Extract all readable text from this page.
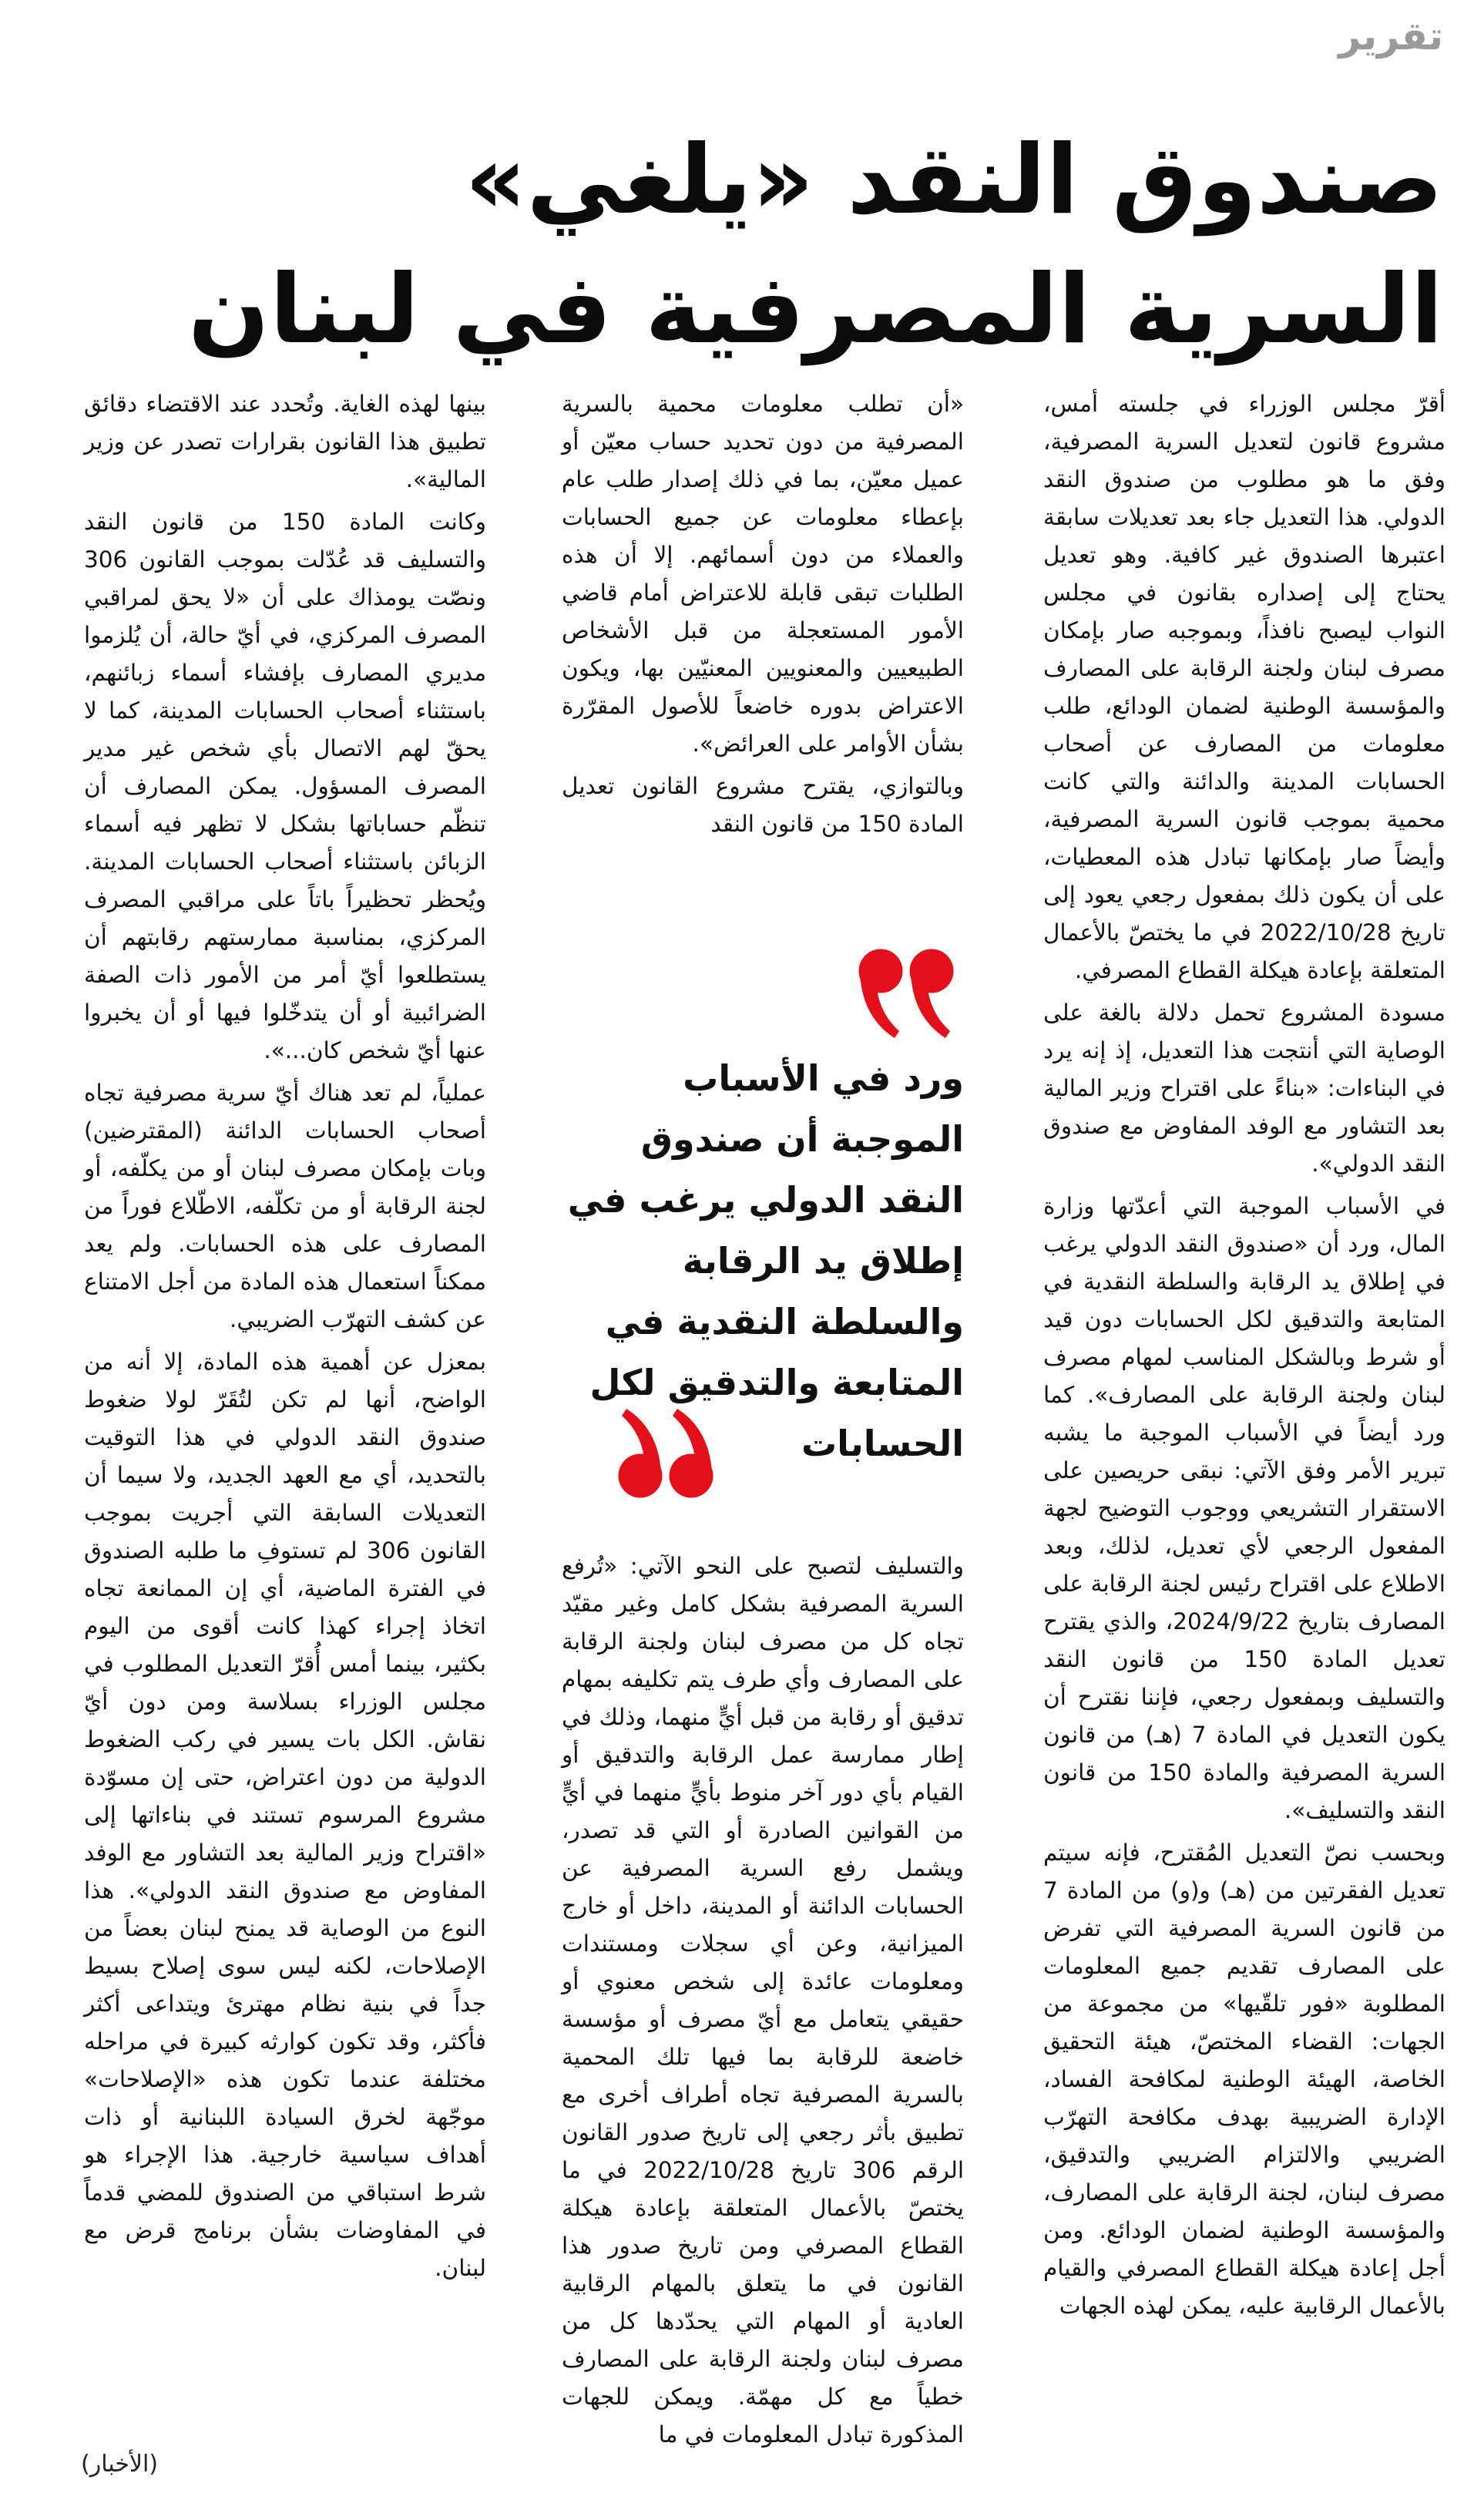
تقرير
صندوق النقد «يلغي»
السرية المصرفية في لبنان

أقرّ مجلس الوزراء في جلسته أمس، مشروع قانون لتعديل السرية المصرفية، وفق ما هو مطلوب من صندوق النقد الدولي. هذا التعديل جاء بعد تعديلات سابقة اعتبرها الصندوق غير كافية. وهو تعديل يحتاج إلى إصداره بقانون في مجلس النواب ليصبح نافذاً، وبموجبه صار بإمكان مصرف لبنان ولجنة الرقابة على المصارف والمؤسسة الوطنية لضمان الودائع، طلب معلومات من المصارف عن أصحاب الحسابات المدينة والدائنة والتي كانت محمية بموجب قانون السرية المصرفية، وأيضاً صار بإمكانها تبادل هذه المعطيات، على أن يكون ذلك بمفعول رجعي يعود إلى تاريخ 2022/10/28 في ما يختصّ بالأعمال المتعلقة بإعادة هيكلة القطاع المصرفي.

مسودة المشروع تحمل دلالة بالغة على الوصاية التي أنتجت هذا التعديل، إذ إنه يرد في البناءات: «بناءً على اقتراح وزير المالية بعد التشاور مع الوفد المفاوض مع صندوق النقد الدولي».

في الأسباب الموجبة التي أعدّتها وزارة المال، ورد أن «صندوق النقد الدولي يرغب في إطلاق يد الرقابة والسلطة النقدية في المتابعة والتدقيق لكل الحسابات دون قيد أو شرط وبالشكل المناسب لمهام مصرف لبنان ولجنة الرقابة على المصارف». كما ورد أيضاً في الأسباب الموجبة ما يشبه تبرير الأمر وفق الآتي: نبقى حريصين على الاستقرار التشريعي ووجوب التوضيح لجهة المفعول الرجعي لأي تعديل، لذلك، وبعد الاطلاع على اقتراح رئيس لجنة الرقابة على المصارف بتاريخ 2024/9/22، والذي يقترح تعديل المادة 150 من قانون النقد والتسليف وبمفعول رجعي، فإننا نقترح أن يكون التعديل في المادة 7 (هـ) من قانون السرية المصرفية والمادة 150 من قانون النقد والتسليف».

وبحسب نصّ التعديل المُقترح، فإنه سيتم تعديل الفقرتين من (هـ) و(و) من المادة 7 من قانون السرية المصرفية التي تفرض على المصارف تقديم جميع المعلومات المطلوبة «فور تلقّيها» من مجموعة من الجهات: القضاء المختصّ، هيئة التحقيق الخاصة، الهيئة الوطنية لمكافحة الفساد، الإدارة الضريبية بهدف مكافحة التهرّب الضريبي والالتزام الضريبي والتدقيق، مصرف لبنان، لجنة الرقابة على المصارف، والمؤسسة الوطنية لضمان الودائع. ومن أجل إعادة هيكلة القطاع المصرفي والقيام بالأعمال الرقابية عليه، يمكن لهذه الجهات

«أن تطلب معلومات محمية بالسرية المصرفية من دون تحديد حساب معيّن أو عميل معيّن، بما في ذلك إصدار طلب عام بإعطاء معلومات عن جميع الحسابات والعملاء من دون أسمائهم. إلا أن هذه الطلبات تبقى قابلة للاعتراض أمام قاضي الأمور المستعجلة من قبل الأشخاص الطبيعيين والمعنويين المعنيّين بها، ويكون الاعتراض بدوره خاضعاً للأصول المقرّرة بشأن الأوامر على العرائض».

وبالتوازي، يقترح مشروع القانون تعديل المادة 150 من قانون النقد

ورد في الأسباب الموجبة أن صندوق النقد الدولي يرغب في إطلاق يد الرقابة والسلطة النقدية في المتابعة والتدقيق لكل الحسابات

والتسليف لتصبح على النحو الآتي: «تُرفع السرية المصرفية بشكل كامل وغير مقيّد تجاه كل من مصرف لبنان ولجنة الرقابة على المصارف وأي طرف يتم تكليفه بمهام تدقيق أو رقابة من قبل أيٍّ منهما، وذلك في إطار ممارسة عمل الرقابة والتدقيق أو القيام بأي دور آخر منوط بأيٍّ منهما في أيٍّ من القوانين الصادرة أو التي قد تصدر، ويشمل رفع السرية المصرفية عن الحسابات الدائنة أو المدينة، داخل أو خارج الميزانية، وعن أي سجلات ومستندات ومعلومات عائدة إلى شخص معنوي أو حقيقي يتعامل مع أيّ مصرف أو مؤسسة خاضعة للرقابة بما فيها تلك المحمية بالسرية المصرفية تجاه أطراف أخرى مع تطبيق بأثر رجعي إلى تاريخ صدور القانون الرقم 306 تاريخ 2022/10/28 في ما يختصّ بالأعمال المتعلقة بإعادة هيكلة القطاع المصرفي ومن تاريخ صدور هذا القانون في ما يتعلق بالمهام الرقابية العادية أو المهام التي يحدّدها كل من مصرف لبنان ولجنة الرقابة على المصارف خطياً مع كل مهمّة. ويمكن للجهات المذكورة تبادل المعلومات في ما

بينها لهذه الغاية. وتُحدد عند الاقتضاء دقائق تطبيق هذا القانون بقرارات تصدر عن وزير المالية».

وكانت المادة 150 من قانون النقد والتسليف قد عُدّلت بموجب القانون 306 ونصّت يومذاك على أن «لا يحق لمراقبي المصرف المركزي، في أيّ حالة، أن يُلزموا مديري المصارف بإفشاء أسماء زبائنهم، باستثناء أصحاب الحسابات المدينة، كما لا يحقّ لهم الاتصال بأي شخص غير مدير المصرف المسؤول. يمكن المصارف أن تنظّم حساباتها بشكل لا تظهر فيه أسماء الزبائن باستثناء أصحاب الحسابات المدينة. ويُحظر تحظيراً باتاً على مراقبي المصرف المركزي، بمناسبة ممارستهم رقابتهم أن يستطلعوا أيّ أمر من الأمور ذات الصفة الضرائبية أو أن يتدخّلوا فيها أو أن يخبروا عنها أيّ شخص كان...».

عملياً، لم تعد هناك أيّ سرية مصرفية تجاه أصحاب الحسابات الدائنة (المقترضين) وبات بإمكان مصرف لبنان أو من يكلّفه، أو لجنة الرقابة أو من تكلّفه، الاطّلاع فوراً من المصارف على هذه الحسابات. ولم يعد ممكناً استعمال هذه المادة من أجل الامتناع عن كشف التهرّب الضريبي.

بمعزل عن أهمية هذه المادة، إلا أنه من الواضح، أنها لم تكن لتُقَرّ لولا ضغوط صندوق النقد الدولي في هذا التوقيت بالتحديد، أي مع العهد الجديد، ولا سيما أن التعديلات السابقة التي أجريت بموجب القانون 306 لم تستوفِ ما طلبه الصندوق في الفترة الماضية، أي إن الممانعة تجاه اتخاذ إجراء كهذا كانت أقوى من اليوم بكثير، بينما أمس أُقرّ التعديل المطلوب في مجلس الوزراء بسلاسة ومن دون أيّ نقاش. الكل بات يسير في ركب الضغوط الدولية من دون اعتراض، حتى إن مسوّدة مشروع المرسوم تستند في بناءاتها إلى «اقتراح وزير المالية بعد التشاور مع الوفد المفاوض مع صندوق النقد الدولي». هذا النوع من الوصاية قد يمنح لبنان بعضاً من الإصلاحات، لكنه ليس سوى إصلاح بسيط جداً في بنية نظام مهترئ ويتداعى أكثر فأكثر، وقد تكون كوارثه كبيرة في مراحله مختلفة عندما تكون هذه «الإصلاحات» موجّهة لخرق السيادة اللبنانية أو ذات أهداف سياسية خارجية. هذا الإجراء هو شرط استباقي من الصندوق للمضي قدماً في المفاوضات بشأن برنامج قرض مع لبنان.

(الأخبار)
